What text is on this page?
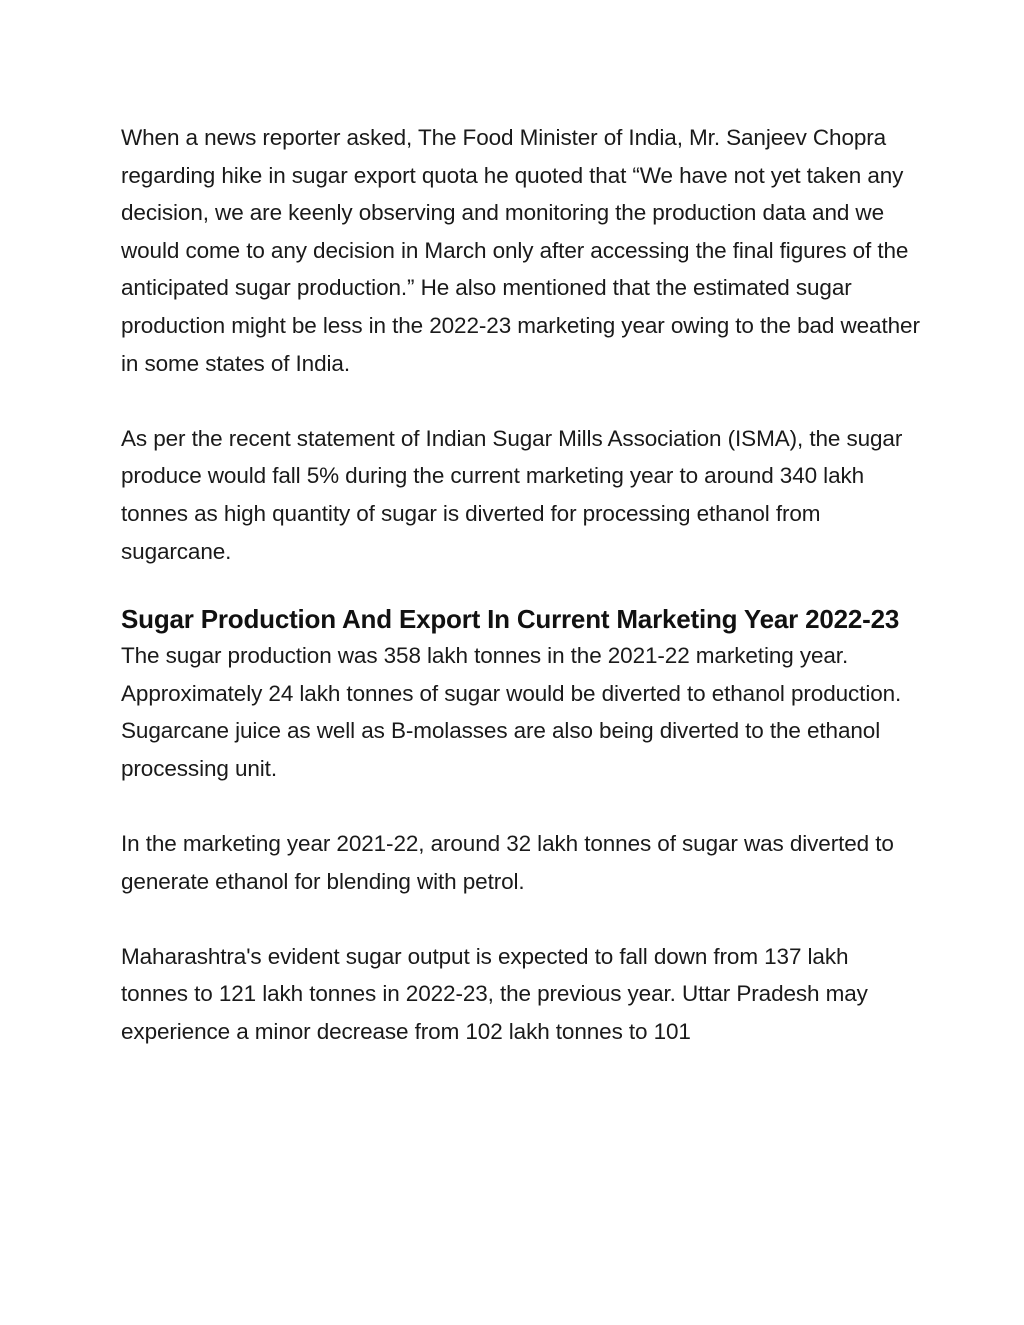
When a news reporter asked, The Food Minister of India, Mr. Sanjeev Chopra regarding hike in sugar export quota he quoted that “We have not yet taken any decision, we are keenly observing and monitoring the production data and we would come to any decision in March only after accessing the final figures of the anticipated sugar production.” He also mentioned that the estimated sugar production might be less in the 2022-23 marketing year owing to the bad weather in some states of India.

As per the recent statement of Indian Sugar Mills Association (ISMA), the sugar produce would fall 5% during the current marketing year to around 340 lakh tonnes as high quantity of sugar is diverted for processing ethanol from sugarcane.

Sugar Production And Export In Current Marketing Year 2022-23

The sugar production was 358 lakh tonnes in the 2021-22 marketing year. Approximately 24 lakh tonnes of sugar would be diverted to ethanol production. Sugarcane juice as well as B-molasses are also being diverted to the ethanol processing unit.

In the marketing year 2021-22, around 32 lakh tonnes of sugar was diverted to generate ethanol for blending with petrol.

Maharashtra's evident sugar output is expected to fall down from 137 lakh tonnes to 121 lakh tonnes in 2022-23, the previous year. Uttar Pradesh may experience a minor decrease from 102 lakh tonnes to 101
